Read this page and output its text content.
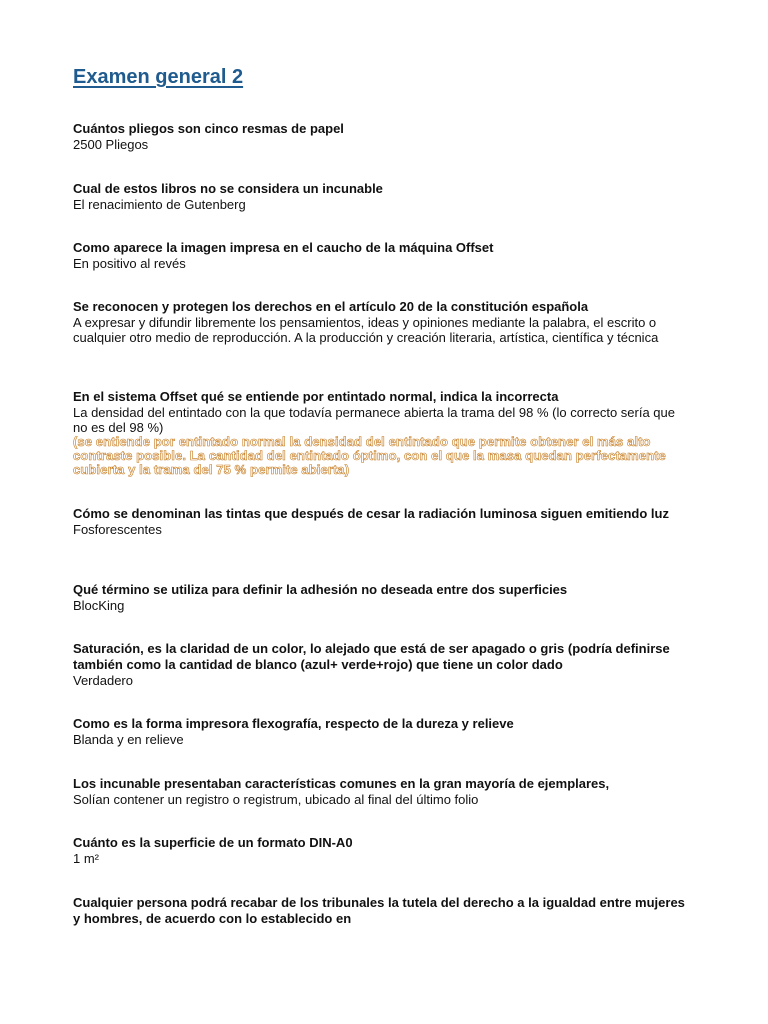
Examen general 2

Cuántos pliegos son cinco resmas de papel

2500 Pliegos

Cual de estos libros no se considera un incunable

El renacimiento de Gutenberg

Como aparece la imagen impresa en el caucho de la máquina Offset

En positivo al revés

Se reconocen y protegen los derechos en el artículo 20 de la constitución española

A expresar y difundir libremente los pensamientos, ideas y opiniones mediante la palabra, el escrito o cualquier otro medio de reproducción. A la producción y creación literaria, artística, científica y técnica

En el sistema Offset qué se entiende por entintado normal, indica la incorrecta

La densidad del entintado con la que todavía permanece abierta la trama del 98 % (lo correcto sería que no es del 98 %)

(se entiende por entintado normal la densidad del entintado que permite obtener el más alto contraste posible. La cantidad del entintado óptimo, con el que la masa quedan perfectamente cubierta y la trama del 75 % permite abierta)

Cómo se denominan las tintas que después de cesar la radiación luminosa siguen emitiendo luz

Fosforescentes

Qué término se utiliza para definir la adhesión no deseada entre dos superficies

BlocKing

Saturación, es la claridad de un color, lo alejado que está de ser apagado o gris (podría definirse también como la cantidad de blanco (azul+ verde+rojo) que tiene un color dado

Verdadero

Como es la forma impresora flexografía, respecto de la dureza y relieve

Blanda y en relieve

Los incunable presentaban características comunes en la gran mayoría de ejemplares,

Solían contener un registro o registrum, ubicado al final del último folio

Cuánto es la superficie de un formato DIN-A0

1 m²

Cualquier persona podrá recabar de los tribunales la tutela del derecho a la igualdad entre mujeres y hombres, de acuerdo con lo establecido en
